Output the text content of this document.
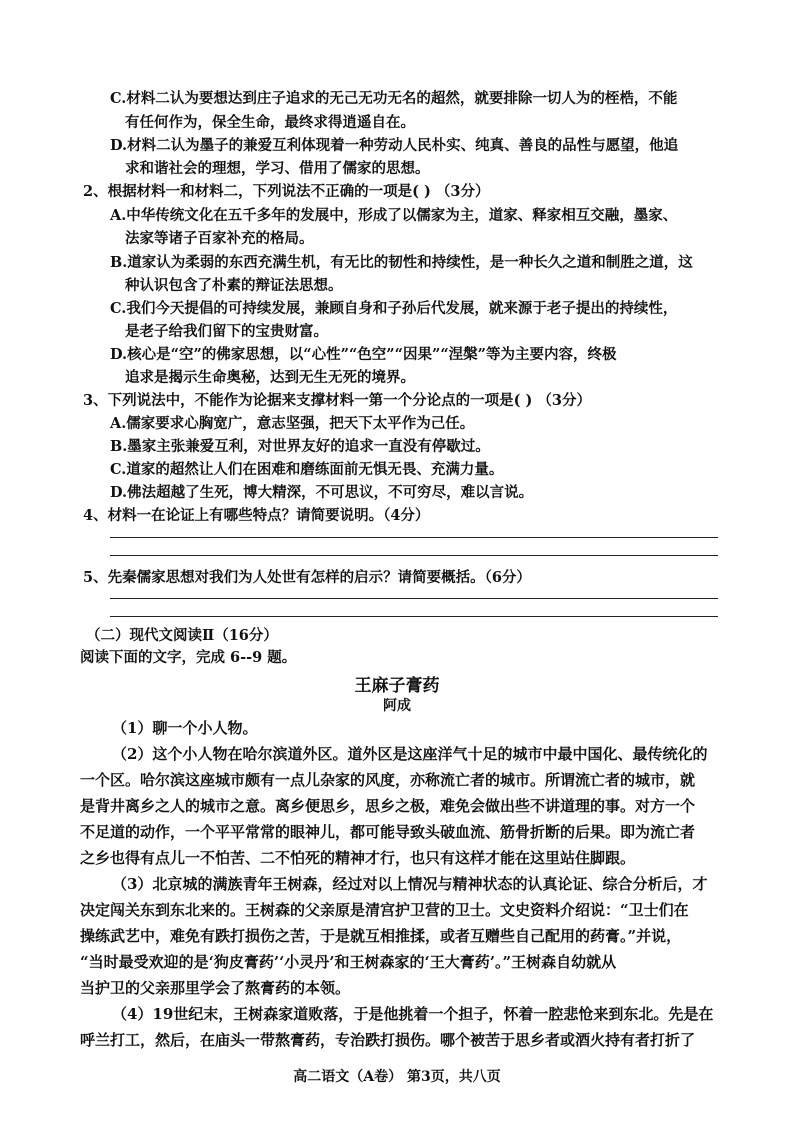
C.材料二认为要想达到庄子追求的无己无功无名的超然，就要排除一切人为的桎梏，不能
有任何作为，保全生命，最终求得逍遥自在。
D.材料二认为墨子的兼爱互利体现着一种劳动人民朴实、纯真、善良的品性与愿望，他追
求和谐社会的理想，学习、借用了儒家的思想。
2、根据材料一和材料二，下列说法不正确的一项是( ) （3分）
A.中华传统文化在五千多年的发展中，形成了以儒家为主，道家、释家相互交融，墨家、
法家等诸子百家补充的格局。
B.道家认为柔弱的东西充满生机，有无比的韧性和持续性，是一种长久之道和制胜之道，这
种认识包含了朴素的辩证法思想。
C.我们今天提倡的可持续发展，兼顾自身和子孙后代发展，就来源于老子提出的持续性，
是老子给我们留下的宝贵财富。
D.核心是“空”的佛家思想，以“心性”“色空”“因果”“涅槃”等为主要内容，终极
追求是揭示生命奥秘，达到无生无死的境界。
3、下列说法中，不能作为论据来支撑材料一第一个分论点的一项是( ) （3分）
A.儒家要求心胸宽广，意志坚强，把天下太平作为己任。
B.墨家主张兼爱互利，对世界友好的追求一直没有停歇过。
C.道家的超然让人们在困难和磨练面前无惧无畏、充满力量。
D.佛法超越了生死，博大精深，不可思议，不可穷尽，难以言说。
4、材料一在论证上有哪些特点？请简要说明。（4分）
5、先秦儒家思想对我们为人处世有怎样的启示？请简要概括。（6分）
（二）现代文阅读Ⅱ（16分）
阅读下面的文字，完成 6--9 题。
王麻子膏药
阿成
（1）聊一个小人物。
（2）这个小人物在哈尔滨道外区。道外区是这座洋气十足的城市中最中国化、最传统化的
一个区。哈尔滨这座城市颇有一点儿杂家的风度，亦称流亡者的城市。所谓流亡者的城市，就
是背井离乡之人的城市之意。离乡便思乡，思乡之极，难免会做出些不讲道理的事。对方一个
不足道的动作，一个平平常常的眼神儿，都可能导致头破血流、筋骨折断的后果。即为流亡者
之乡也得有点儿一不怕苦、二不怕死的精神才行，也只有这样才能在这里站住脚跟。
（3）北京城的满族青年王树森，经过对以上情况与精神状态的认真论证、综合分析后，才
决定闯关东到东北来的。王树森的父亲原是清宫护卫营的卫士。文史资料介绍说：“卫士们在
操练武艺中，难免有跌打损伤之苦，于是就互相推揉，或者互赠些自己配用的药膏。”并说，
“当时最受欢迎的是‘狗皮膏药’‘小灵丹’和王树森家的‘王大膏药’。”王树森自幼就从
当护卫的父亲那里学会了熬膏药的本领。
（4）19世纪末，王树森家道败落，于是他挑着一个担子，怀着一腔悲怆来到东北。先是在
呼兰打工，然后，在庙头一带熬膏药，专治跌打损伤。哪个被苦于思乡者或酒火持有者打折了
高二语文（A卷） 第3页，共八页
